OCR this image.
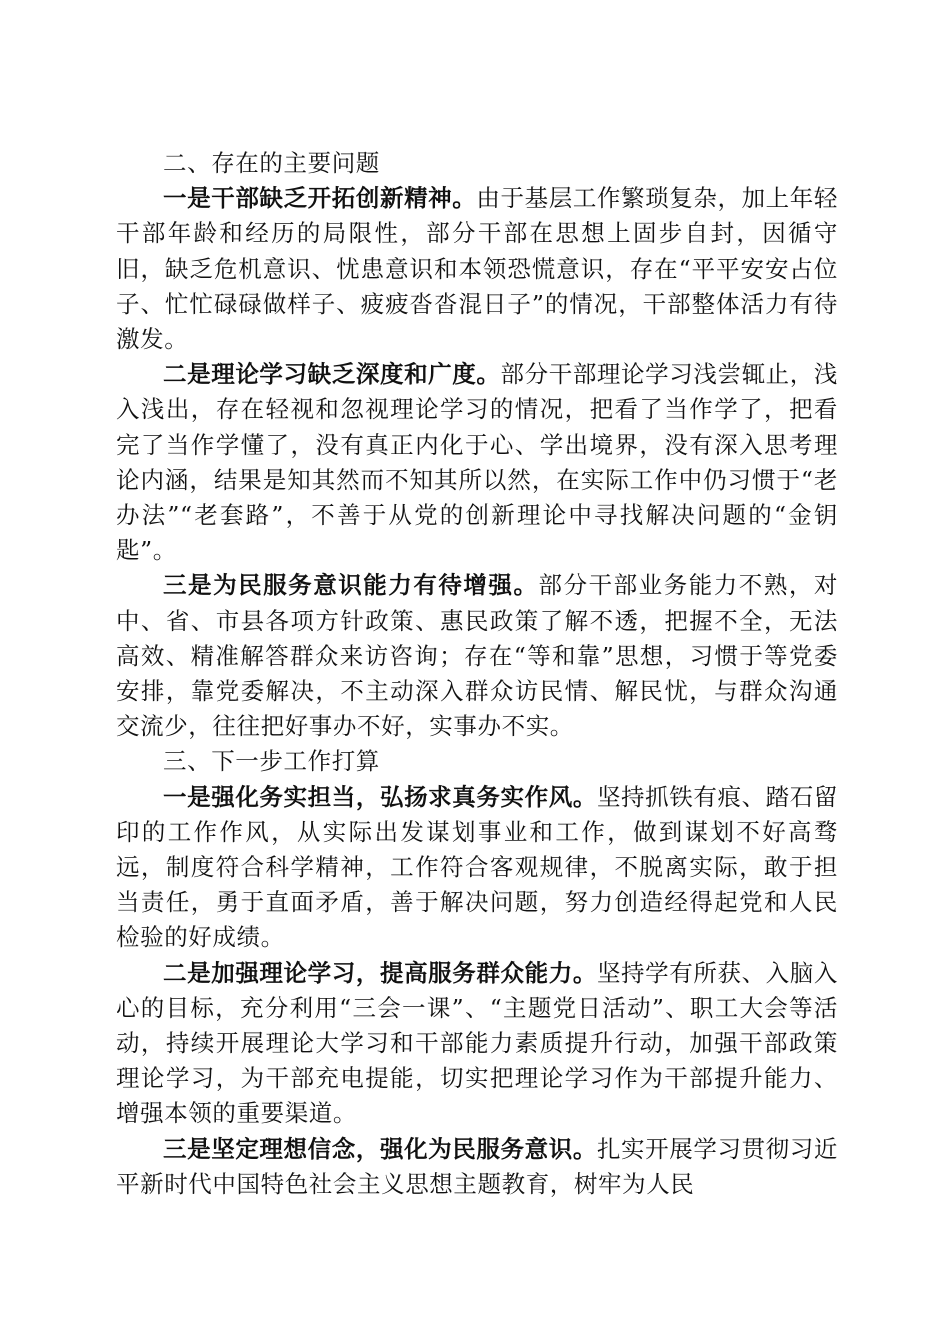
二、存在的主要问题

一是干部缺乏开拓创新精神。由于基层工作繁琐复杂，加上年轻干部年龄和经历的局限性，部分干部在思想上固步自封，因循守旧，缺乏危机意识、忧患意识和本领恐慌意识，存在“平平安安占位子、忙忙碌碌做样子、疲疲沓沓混日子”的情况，干部整体活力有待激发。

二是理论学习缺乏深度和广度。部分干部理论学习浅尝辄止，浅入浅出，存在轻视和忽视理论学习的情况，把看了当作学了，把看完了当作学懂了，没有真正内化于心、学出境界，没有深入思考理论内涵，结果是知其然而不知其所以然，在实际工作中仍习惯于“老办法”“老套路”，不善于从党的创新理论中寻找解决问题的“金钥匙”。

三是为民服务意识能力有待增强。部分干部业务能力不熟，对中、省、市县各项方针政策、惠民政策了解不透，把握不全，无法高效、精准解答群众来访咨询；存在“等和靠”思想，习惯于等党委安排，靠党委解决，不主动深入群众访民情、解民忧，与群众沟通交流少，往往把好事办不好，实事办不实。

三、下一步工作打算

一是强化务实担当，弘扬求真务实作风。坚持抓铁有痕、踏石留印的工作作风，从实际出发谋划事业和工作，做到谋划不好高骛远，制度符合科学精神，工作符合客观规律，不脱离实际，敢于担当责任，勇于直面矛盾，善于解决问题，努力创造经得起党和人民检验的好成绩。

二是加强理论学习，提高服务群众能力。坚持学有所获、入脑入心的目标，充分利用“三会一课”、“主题党日活动”、职工大会等活动，持续开展理论大学习和干部能力素质提升行动，加强干部政策理论学习，为干部充电提能，切实把理论学习作为干部提升能力、增强本领的重要渠道。

三是坚定理想信念，强化为民服务意识。扎实开展学习贯彻习近平新时代中国特色社会主义思想主题教育，树牢为人民
